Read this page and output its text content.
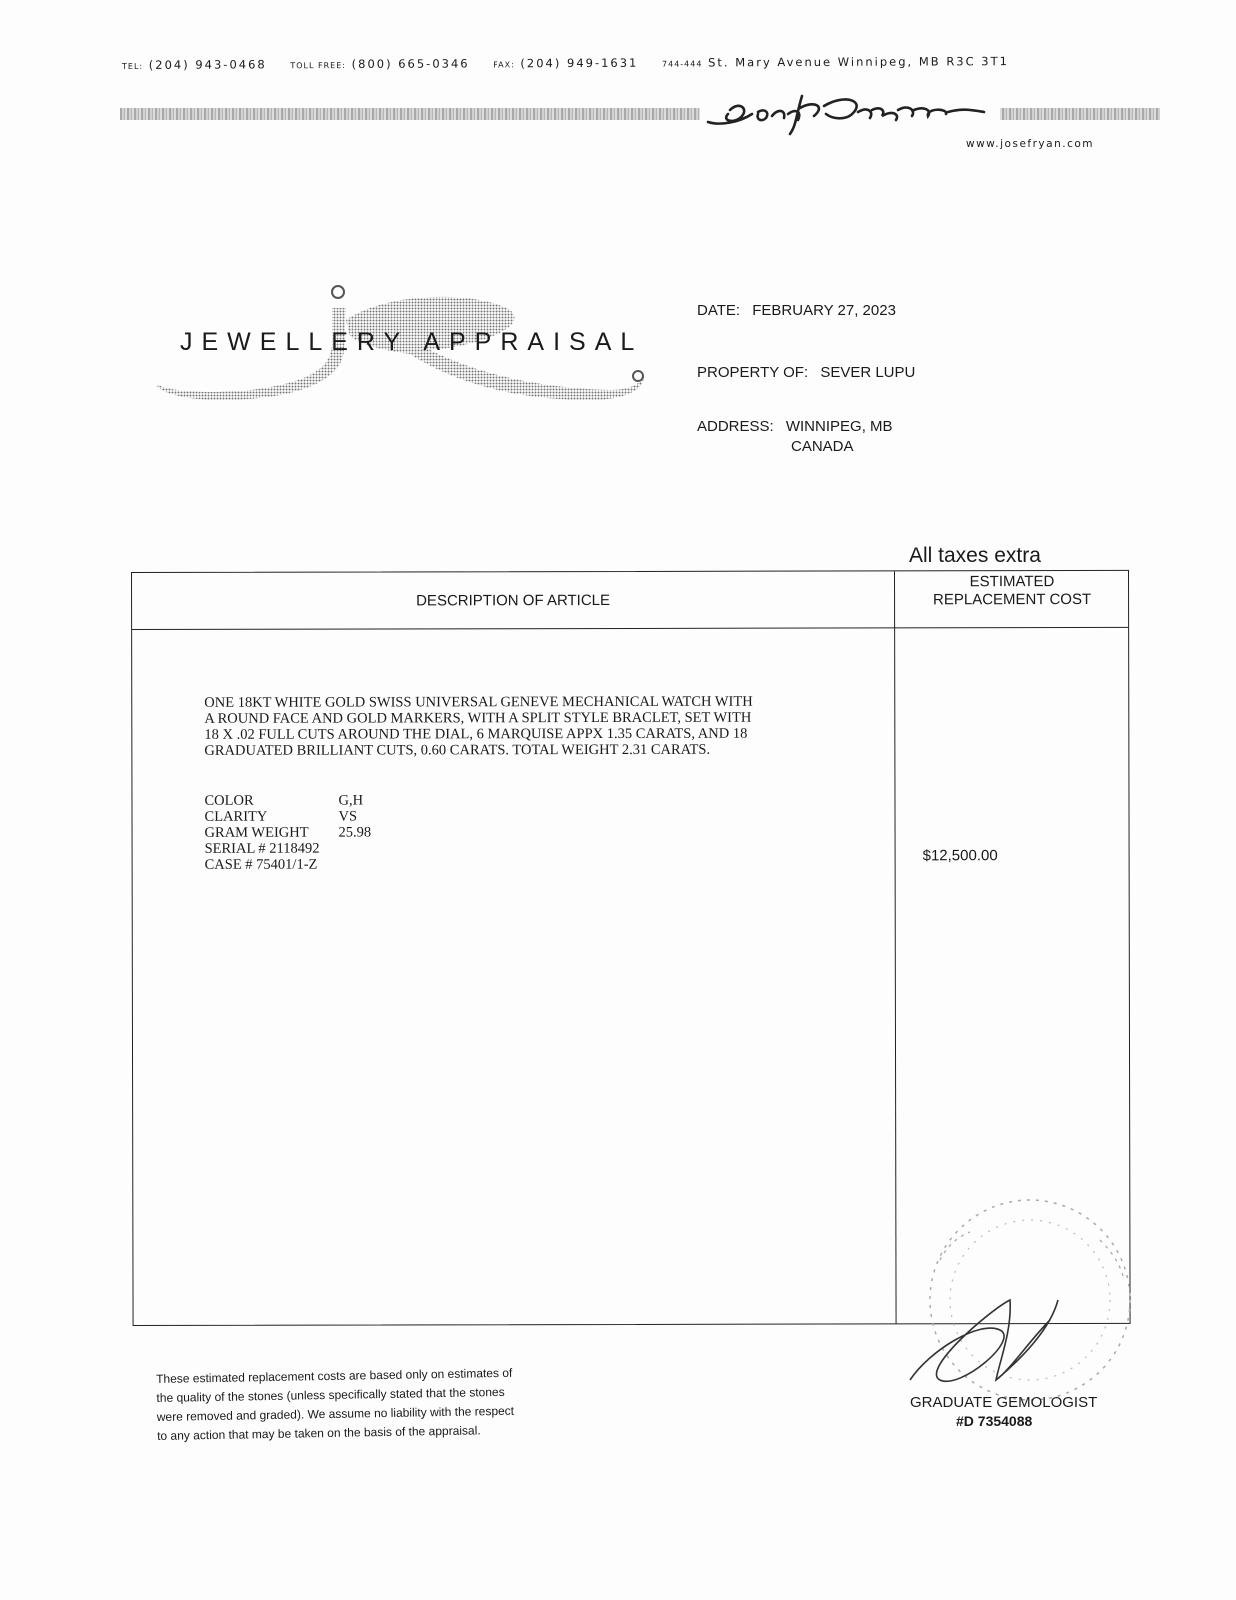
TEL: (204) 943-0468	TOLL FREE: (800) 665-0346	FAX: (204) 949-1631	744-444 St. Mary Avenue Winnipeg, MB R3C 3T1
www.josefryan.com
JEWELLERY APPRAISAL
DATE: FEBRUARY 27, 2023
PROPERTY OF: SEVER LUPU
ADDRESS: WINNIPEG, MB
CANADA
All taxes extra
DESCRIPTION OF ARTICLE
ESTIMATED
REPLACEMENT COST
ONE 18KT WHITE GOLD SWISS UNIVERSAL GENEVE MECHANICAL WATCH WITH
A ROUND FACE AND GOLD MARKERS, WITH A SPLIT STYLE BRACLET, SET WITH
18 X .02 FULL CUTS AROUND THE DIAL, 6 MARQUISE APPX 1.35 CARATS, AND 18
GRADUATED BRILLIANT CUTS, 0.60 CARATS. TOTAL WEIGHT 2.31 CARATS.
COLOR	G,H
CLARITY	VS
GRAM WEIGHT 25.98
SERIAL # 2118492
CASE # 75401/1-Z
$12,500.00
These estimated replacement costs are based only on estimates of
the quality of the stones (unless specifically stated that the stones
were removed and graded). We assume no liability with the respect
to any action that may be taken on the basis of the appraisal.
GRADUATE GEMOLOGIST
#D 7354088
